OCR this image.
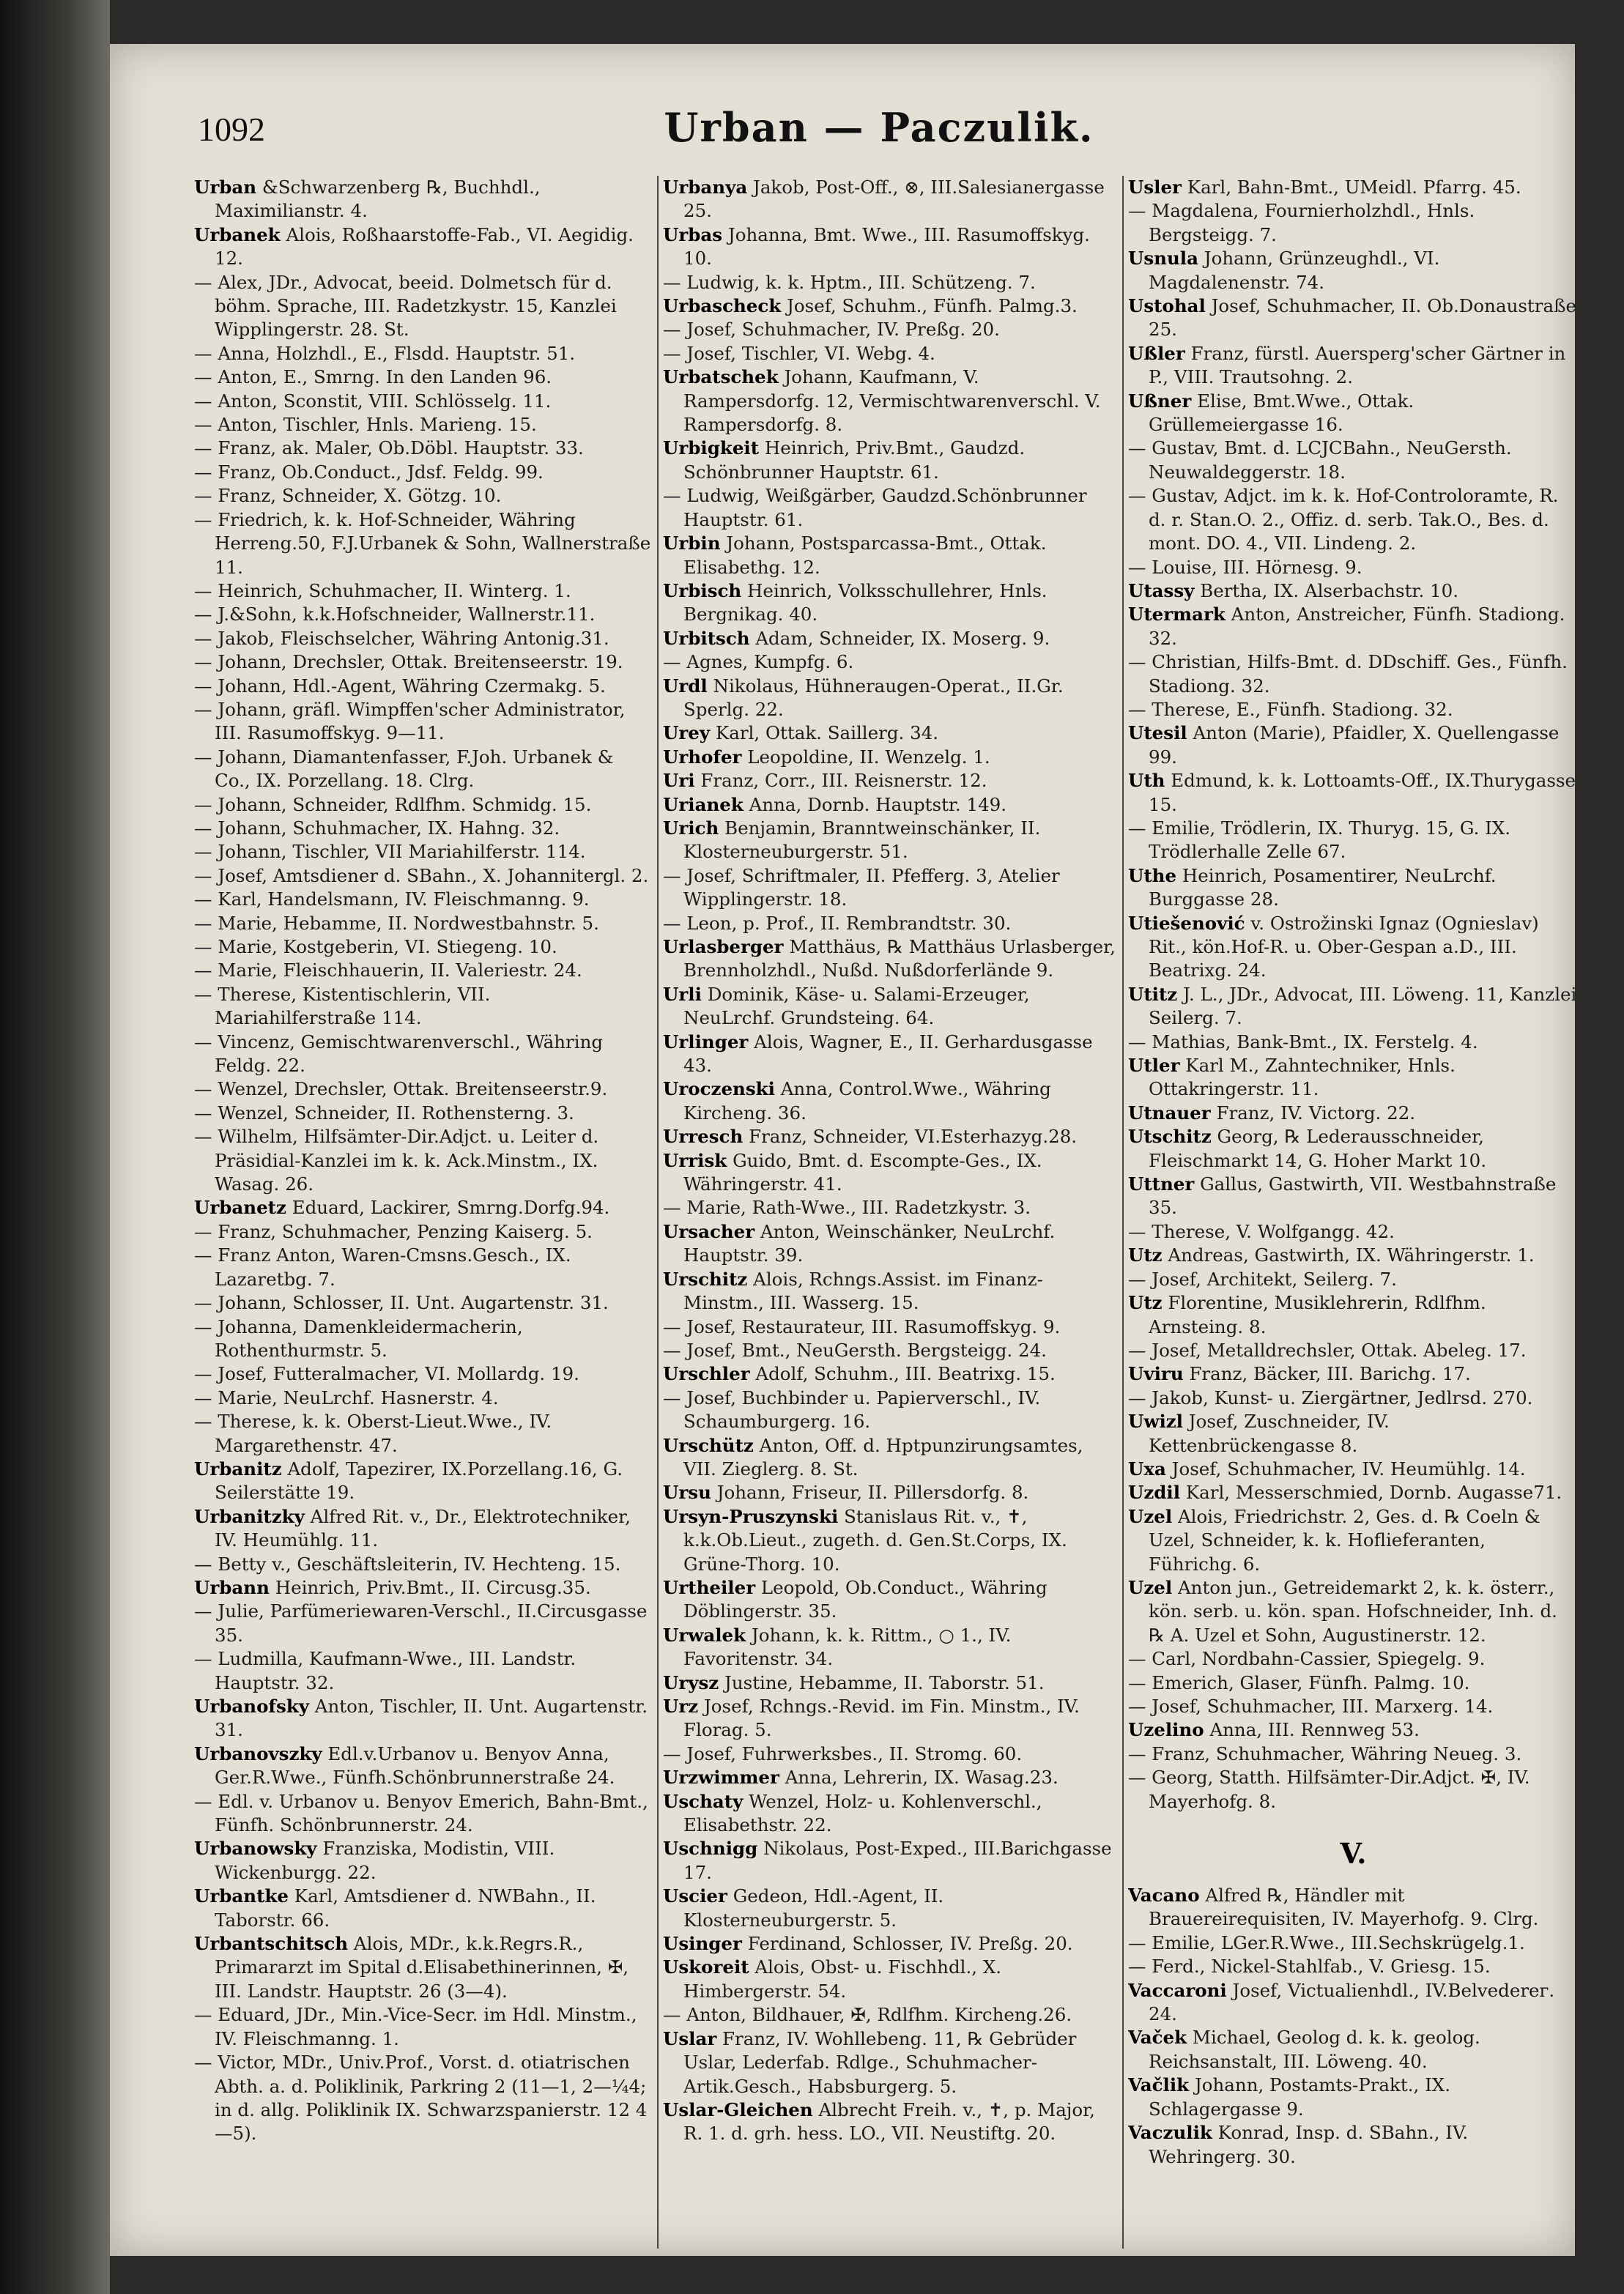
1092	Urban — Paczulik.

Urban &Schwarzenberg ℞, Buchhdl., Maximilianstr. 4.

Urbanek Alois, Roßhaarstoffe-Fab., VI. Aegidig. 12.

— Alex, JDr., Advocat, beeid. Dolmetsch für d. böhm. Sprache, III. Radetzkystr. 15, Kanzlei Wipplingerstr. 28. St.

— Anna, Holzhdl., E., Flsdd. Hauptstr. 51.

— Anton, E., Smrng. In den Landen 96.

— Anton, Sconstit, VIII. Schlösselg. 11.

— Anton, Tischler, Hnls. Marieng. 15.

— Franz, ak. Maler, Ob.Döbl. Hauptstr. 33.

— Franz, Ob.Conduct., Jdsf. Feldg. 99.

— Franz, Schneider, X. Götzg. 10.

— Friedrich, k. k. Hof-Schneider, Währing Herreng.50, F.J.Urbanek & Sohn, Wallnerstraße 11.

— Heinrich, Schuhmacher, II. Winterg. 1.

— J.&Sohn, k.k.Hofschneider, Wallnerstr.11.

— Jakob, Fleischselcher, Währing Antonig.31.

— Johann, Drechsler, Ottak. Breitenseerstr. 19.

— Johann, Hdl.-Agent, Währing Czermakg. 5.

— Johann, gräfl. Wimpffen'scher Administrator, III. Rasumoffskyg. 9—11.

— Johann, Diamantenfasser, F.Joh. Urbanek & Co., IX. Porzellang. 18. Clrg.

— Johann, Schneider, Rdlfhm. Schmidg. 15.

— Johann, Schuhmacher, IX. Hahng. 32.

— Johann, Tischler, VII Mariahilferstr. 114.

— Josef, Amtsdiener d. SBahn., X. Johannitergl. 2.

— Karl, Handelsmann, IV. Fleischmanng. 9.

— Marie, Hebamme, II. Nordwestbahnstr. 5.

— Marie, Kostgeberin, VI. Stiegeng. 10.

— Marie, Fleischhauerin, II. Valeriestr. 24.

— Therese, Kistentischlerin, VII. Mariahilferstraße 114.

— Vincenz, Gemischtwarenverschl., Währing Feldg. 22.

— Wenzel, Drechsler, Ottak. Breitenseerstr.9.

— Wenzel, Schneider, II. Rothensterng. 3.

— Wilhelm, Hilfsämter-Dir.Adjct. u. Leiter d. Präsidial-Kanzlei im k. k. Ack.Minstm., IX. Wasag. 26.

Urbanetz Eduard, Lackirer, Smrng.Dorfg.94.

— Franz, Schuhmacher, Penzing Kaiserg. 5.

— Franz Anton, Waren-Cmsns.Gesch., IX. Lazaretbg. 7.

— Johann, Schlosser, II. Unt. Augartenstr. 31.

— Johanna, Damenkleidermacherin, Rothenthurmstr. 5.

— Josef, Futteralmacher, VI. Mollardg. 19.

— Marie, NeuLrchf. Hasnerstr. 4.

— Therese, k. k. Oberst-Lieut.Wwe., IV. Margarethenstr. 47.

Urbanitz Adolf, Tapezirer, IX.Porzellang.16, G. Seilerstätte 19.

Urbanitzky Alfred Rit. v., Dr., Elektrotechniker, IV. Heumühlg. 11.

— Betty v., Geschäftsleiterin, IV. Hechteng. 15.

Urbann Heinrich, Priv.Bmt., II. Circusg.35.

— Julie, Parfümeriewaren-Verschl., II.Circusgasse 35.

— Ludmilla, Kaufmann-Wwe., III. Landstr. Hauptstr. 32.

Urbanofsky Anton, Tischler, II. Unt. Augartenstr. 31.

Urbanovszky Edl.v.Urbanov u. Benyov Anna, Ger.R.Wwe., Fünfh.Schönbrunnerstraße 24.

— Edl. v. Urbanov u. Benyov Emerich, Bahn-Bmt., Fünfh. Schönbrunnerstr. 24.

Urbanowsky Franziska, Modistin, VIII. Wickenburgg. 22.

Urbantke Karl, Amtsdiener d. NWBahn., II. Taborstr. 66.

Urbantschitsch Alois, MDr., k.k.Regrs.R., Primararzt im Spital d.Elisabethinerinnen, ✠, III. Landstr. Hauptstr. 26 (3—4).

— Eduard, JDr., Min.-Vice-Secr. im Hdl. Minstm., IV. Fleischmanng. 1.

— Victor, MDr., Univ.Prof., Vorst. d. otiatrischen Abth. a. d. Poliklinik, Parkring 2 (11—1, 2—¼4; in d. allg. Poliklinik IX. Schwarzspanierstr. 12 4—5).

Urbanya Jakob, Post-Off., ⊗, III.Salesianergasse 25.

Urbas Johanna, Bmt. Wwe., III. Rasumoffskyg. 10.

— Ludwig, k. k. Hptm., III. Schützeng. 7.

Urbascheck Josef, Schuhm., Fünfh. Palmg.3.

— Josef, Schuhmacher, IV. Preßg. 20.

— Josef, Tischler, VI. Webg. 4.

Urbatschek Johann, Kaufmann, V. Rampersdorfg. 12, Vermischtwarenverschl. V. Rampersdorfg. 8.

Urbigkeit Heinrich, Priv.Bmt., Gaudzd. Schönbrunner Hauptstr. 61.

— Ludwig, Weißgärber, Gaudzd.Schönbrunner Hauptstr. 61.

Urbin Johann, Postsparcassa-Bmt., Ottak. Elisabethg. 12.

Urbisch Heinrich, Volksschullehrer, Hnls. Bergnikag. 40.

Urbitsch Adam, Schneider, IX. Moserg. 9.

— Agnes, Kumpfg. 6.

Urdl Nikolaus, Hühneraugen-Operat., II.Gr. Sperlg. 22.

Urey Karl, Ottak. Saillerg. 34.

Urhofer Leopoldine, II. Wenzelg. 1.

Uri Franz, Corr., III. Reisnerstr. 12.

Urianek Anna, Dornb. Hauptstr. 149.

Urich Benjamin, Branntweinschänker, II. Klosterneuburgerstr. 51.

— Josef, Schriftmaler, II. Pfefferg. 3, Atelier Wipplingerstr. 18.

— Leon, p. Prof., II. Rembrandtstr. 30.

Urlasberger Matthäus, ℞ Matthäus Urlasberger, Brennholzhdl., Nußd. Nußdorferlände 9.

Urli Dominik, Käse- u. Salami-Erzeuger, NeuLrchf. Grundsteing. 64.

Urlinger Alois, Wagner, E., II. Gerhardusgasse 43.

Uroczenski Anna, Control.Wwe., Währing Kircheng. 36.

Urresch Franz, Schneider, VI.Esterhazyg.28.

Urrisk Guido, Bmt. d. Escompte-Ges., IX. Währingerstr. 41.

— Marie, Rath-Wwe., III. Radetzkystr. 3.

Ursacher Anton, Weinschänker, NeuLrchf. Hauptstr. 39.

Urschitz Alois, Rchngs.Assist. im Finanz-Minstm., III. Wasserg. 15.

— Josef, Restaurateur, III. Rasumoffskyg. 9.

— Josef, Bmt., NeuGersth. Bergsteigg. 24.

Urschler Adolf, Schuhm., III. Beatrixg. 15.

— Josef, Buchbinder u. Papierverschl., IV. Schaumburgerg. 16.

Urschütz Anton, Off. d. Hptpunzirungsamtes, VII. Zieglerg. 8. St.

Ursu Johann, Friseur, II. Pillersdorfg. 8.

Ursyn-Pruszynski Stanislaus Rit. v., ✝, k.k.Ob.Lieut., zugeth. d. Gen.St.Corps, IX. Grüne-Thorg. 10.

Urtheiler Leopold, Ob.Conduct., Währing Döblingerstr. 35.

Urwalek Johann, k. k. Rittm., ○ 1., IV. Favoritenstr. 34.

Urysz Justine, Hebamme, II. Taborstr. 51.

Urz Josef, Rchngs.-Revid. im Fin. Minstm., IV. Florag. 5.

— Josef, Fuhrwerksbes., II. Stromg. 60.

Urzwimmer Anna, Lehrerin, IX. Wasag.23.

Uschaty Wenzel, Holz- u. Kohlenverschl., Elisabethstr. 22.

Uschnigg Nikolaus, Post-Exped., III.Barichgasse 17.

Uscier Gedeon, Hdl.-Agent, II. Klosterneuburgerstr. 5.

Usinger Ferdinand, Schlosser, IV. Preßg. 20.

Uskoreit Alois, Obst- u. Fischhdl., X. Himbergerstr. 54.

— Anton, Bildhauer, ✠, Rdlfhm. Kircheng.26.

Uslar Franz, IV. Wohllebeng. 11, ℞ Gebrüder Uslar, Lederfab. Rdlge., Schuhmacher-Artik.Gesch., Habsburgerg. 5.

Uslar-Gleichen Albrecht Freih. v., ✝, p. Major, R. 1. d. grh. hess. LO., VII. Neustiftg. 20.

Usler Karl, Bahn-Bmt., UMeidl. Pfarrg. 45.

— Magdalena, Fournierholzhdl., Hnls. Bergsteigg. 7.

Usnula Johann, Grünzeughdl., VI. Magdalenenstr. 74.

Ustohal Josef, Schuhmacher, II. Ob.Donaustraße 25.

Ußler Franz, fürstl. Auersperg'scher Gärtner in P., VIII. Trautsohng. 2.

Ußner Elise, Bmt.Wwe., Ottak. Grüllemeiergasse 16.

— Gustav, Bmt. d. LCJCBahn., NeuGersth. Neuwaldeggerstr. 18.

— Gustav, Adjct. im k. k. Hof-Controloramte, R. d. r. Stan.O. 2., Offiz. d. serb. Tak.O., Bes. d. mont. DO. 4., VII. Lindeng. 2.

— Louise, III. Hörnesg. 9.

Utassy Bertha, IX. Alserbachstr. 10.

Utermark Anton, Anstreicher, Fünfh. Stadiong. 32.

— Christian, Hilfs-Bmt. d. DDschiff. Ges., Fünfh. Stadiong. 32.

— Therese, E., Fünfh. Stadiong. 32.

Utesil Anton (Marie), Pfaidler, X. Quellengasse 99.

Uth Edmund, k. k. Lottoamts-Off., IX.Thurygasse 15.

— Emilie, Trödlerin, IX. Thuryg. 15, G. IX. Trödlerhalle Zelle 67.

Uthe Heinrich, Posamentirer, NeuLrchf. Burggasse 28.

Utiešenović v. Ostrožinski Ignaz (Ognieslav) Rit., kön.Hof-R. u. Ober-Gespan a.D., III. Beatrixg. 24.

Utitz J. L., JDr., Advocat, III. Löweng. 11, Kanzlei Seilerg. 7.

— Mathias, Bank-Bmt., IX. Ferstelg. 4.

Utler Karl M., Zahntechniker, Hnls. Ottakringerstr. 11.

Utnauer Franz, IV. Victorg. 22.

Utschitz Georg, ℞ Lederausschneider, Fleischmarkt 14, G. Hoher Markt 10.

Uttner Gallus, Gastwirth, VII. Westbahnstraße 35.

— Therese, V. Wolfgangg. 42.

Utz Andreas, Gastwirth, IX. Währingerstr. 1.

— Josef, Architekt, Seilerg. 7.

Utz Florentine, Musiklehrerin, Rdlfhm. Arnsteing. 8.

— Josef, Metalldrechsler, Ottak. Abeleg. 17.

Uviru Franz, Bäcker, III. Barichg. 17.

— Jakob, Kunst- u. Ziergärtner, Jedlrsd. 270.

Uwizl Josef, Zuschneider, IV. Kettenbrückengasse 8.

Uxa Josef, Schuhmacher, IV. Heumühlg. 14.

Uzdil Karl, Messerschmied, Dornb. Augasse71.

Uzel Alois, Friedrichstr. 2, Ges. d. ℞ Coeln & Uzel, Schneider, k. k. Hoflieferanten, Führichg. 6.

Uzel Anton jun., Getreidemarkt 2, k. k. österr., kön. serb. u. kön. span. Hofschneider, Inh. d. ℞ A. Uzel et Sohn, Augustinerstr. 12.

— Carl, Nordbahn-Cassier, Spiegelg. 9.

— Emerich, Glaser, Fünfh. Palmg. 10.

— Josef, Schuhmacher, III. Marxerg. 14.

Uzelino Anna, III. Rennweg 53.

— Franz, Schuhmacher, Währing Neueg. 3.

— Georg, Statth. Hilfsämter-Dir.Adjct. ✠, IV. Mayerhofg. 8.

V.

Vacano Alfred ℞, Händler mit Brauereirequisiten, IV. Mayerhofg. 9. Clrg.

— Emilie, LGer.R.Wwe., III.Sechskrügelg.1.

— Ferd., Nickel-Stahlfab., V. Griesg. 15.

Vaccaroni Josef, Victualienhdl., IV.Belvederег. 24.

Vaček Michael, Geolog d. k. k. geolog. Reichsanstalt, III. Löweng. 40.

Vačlik Johann, Postamts-Prakt., IX. Schlagergasse 9.

Vaczulik Konrad, Insp. d. SBahn., IV. Wehringerg. 30.
